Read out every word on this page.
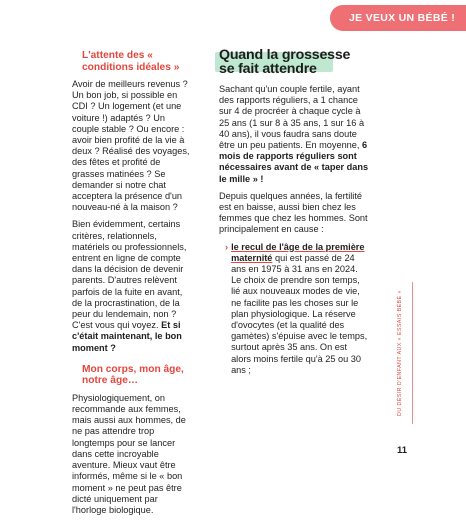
JE VEUX UN BÉBÉ !
L'attente des « conditions idéales »

Avoir de meilleurs revenus ? Un bon job, si possible en CDI ? Un logement (et une voiture !) adaptés ? Un couple stable ? Ou encore : avoir bien profité de la vie à deux ? Réalisé des voyages, des fêtes et profité de grasses matinées ? Se demander si notre chat acceptera la présence d'un nouveau-né à la maison ?

Bien évidemment, certains critères, relationnels, matériels ou professionnels, entrent en ligne de compte dans la décision de devenir parents. D'autres relèvent parfois de la fuite en avant, de la procrastination, de la peur du lendemain, non ? C'est vous qui voyez. Et si c'était maintenant, le bon moment ?

Mon corps, mon âge, notre âge…

Physiologiquement, on recommande aux femmes, mais aussi aux hommes, de ne pas attendre trop longtemps pour se lancer dans cette incroyable aventure. Mieux vaut être informés, même si le « bon moment » ne peut pas être dicté uniquement par l'horloge biologique.

Quand la grossesse se fait attendre

Sachant qu'un couple fertile, ayant des rapports réguliers, a 1 chance sur 4 de procréer à chaque cycle à 25 ans (1 sur 8 à 35 ans, 1 sur 16 à 40 ans), il vous faudra sans doute être un peu patients. En moyenne, 6 mois de rapports réguliers sont nécessaires avant de « taper dans le mille » !

Depuis quelques années, la fertilité est en baisse, aussi bien chez les femmes que chez les hommes. Sont principalement en cause :

› le recul de l'âge de la première maternité qui est passé de 24 ans en 1975 à 31 ans en 2024. Le choix de prendre son temps, lié aux nouveaux modes de vie, ne facilite pas les choses sur le plan physiologique. La réserve d'ovocytes (et la qualité des gamètes) s'épuise avec le temps, surtout après 35 ans. On est alors moins fertile qu'à 25 ou 30 ans ;	DU DÉSIR D'ENFANT AUX « ESSAIS BÉBÉ »
11
